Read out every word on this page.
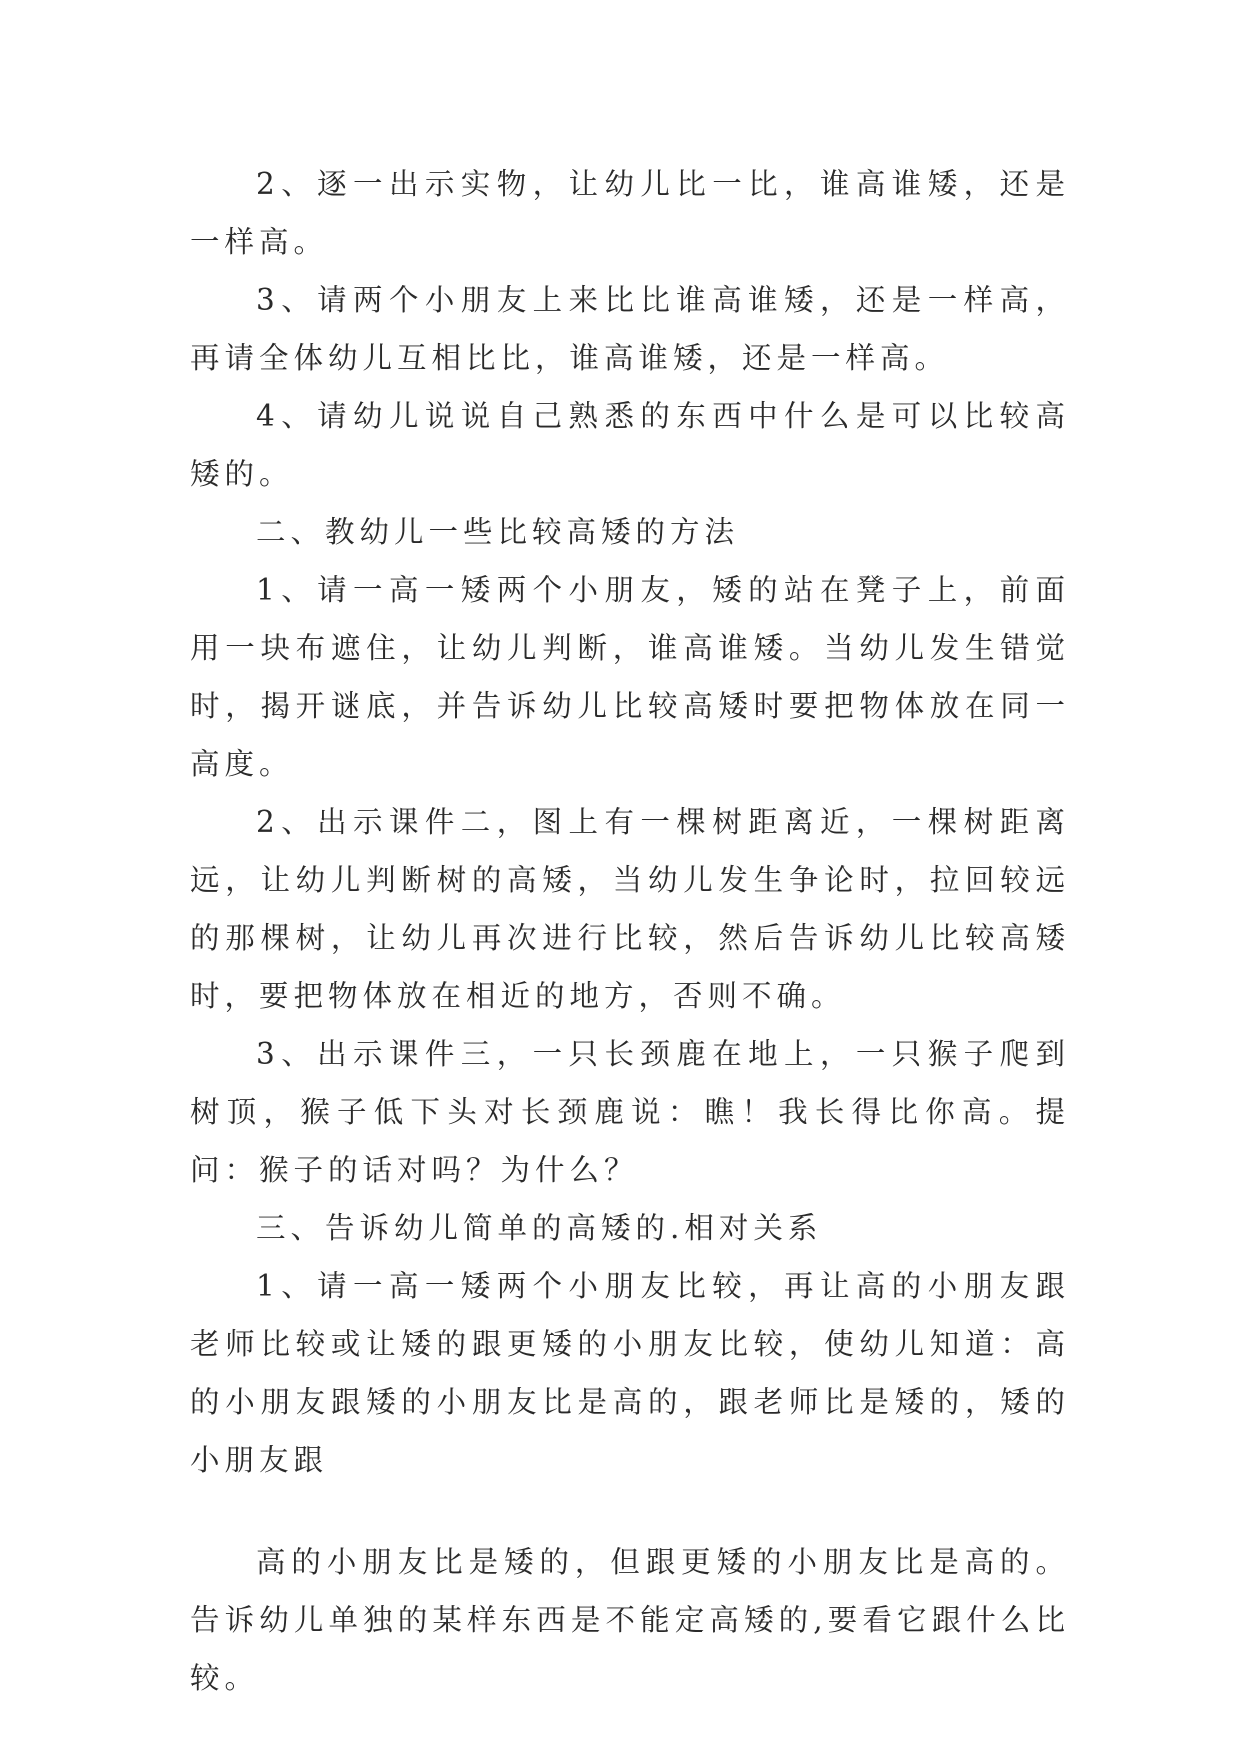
2、逐一出示实物，让幼儿比一比，谁高谁矮，还是一样高。

3、请两个小朋友上来比比谁高谁矮，还是一样高，再请全体幼儿互相比比，谁高谁矮，还是一样高。

4、请幼儿说说自己熟悉的东西中什么是可以比较高矮的。

二、教幼儿一些比较高矮的方法

1、请一高一矮两个小朋友，矮的站在凳子上，前面用一块布遮住，让幼儿判断，谁高谁矮。当幼儿发生错觉时，揭开谜底，并告诉幼儿比较高矮时要把物体放在同一高度。

2、出示课件二，图上有一棵树距离近，一棵树距离远，让幼儿判断树的高矮，当幼儿发生争论时，拉回较远的那棵树，让幼儿再次进行比较，然后告诉幼儿比较高矮时，要把物体放在相近的地方，否则不确。

3、出示课件三，一只长颈鹿在地上，一只猴子爬到树顶，猴子低下头对长颈鹿说：瞧！我长得比你高。提问：猴子的话对吗？为什么？

三、告诉幼儿简单的高矮的.相对关系

1、请一高一矮两个小朋友比较，再让高的小朋友跟老师比较或让矮的跟更矮的小朋友比较，使幼儿知道：高的小朋友跟矮的小朋友比是高的，跟老师比是矮的，矮的小朋友跟

高的小朋友比是矮的，但跟更矮的小朋友比是高的。告诉幼儿单独的某样东西是不能定高矮的,要看它跟什么比较。
